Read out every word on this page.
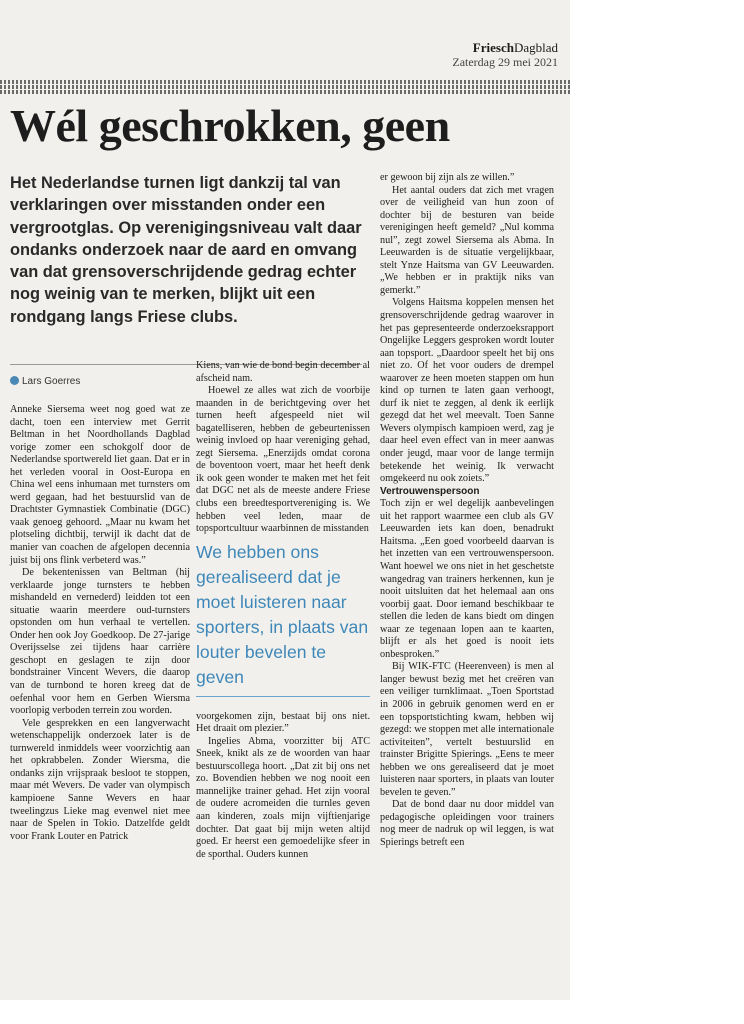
FrieschDagblad
Zaterdag 29 mei 2021
Wél geschrokken, geen

Het Nederlandse turnen ligt dankzij tal van verklaringen over misstanden onder een vergrootglas. Op verenigingsniveau valt daar ondanks onderzoek naar de aard en omvang van dat grensoverschrijdende gedrag echter nog weinig van te merken, blijkt uit een rondgang langs Friese clubs.

Lars Goerres

Anneke Siersema weet nog goed wat ze dacht, toen een interview met Gerrit Beltman in het Noordhollands Dagblad vorige zomer een schokgolf door de Nederlandse sportwereld liet gaan. Dat er in het verleden vooral in Oost-Europa en China wel eens inhumaan met turnsters om werd gegaan, had het bestuurslid van de Drachtster Gymnastiek Combinatie (DGC) vaak genoeg gehoord. „Maar nu kwam het plotseling dichtbij, terwijl ik dacht dat de manier van coachen de afgelopen decennia juist bij ons flink verbeterd was.”

De bekentenissen van Beltman (hij verklaarde jonge turnsters te hebben mishandeld en vernederd) leidden tot een situatie waarin meerdere oud-turnsters opstonden om hun verhaal te vertellen. Onder hen ook Joy Goedkoop. De 27-jarige Overijsselse zei tijdens haar carrière geschopt en geslagen te zijn door bondstrainer Vincent Wevers, die daarop van de turnbond te horen kreeg dat de oefenhal voor hem en Gerben Wiersma voorlopig verboden terrein zou worden.

Vele gesprekken en een langverwacht wetenschappelijk onderzoek later is de turnwereld inmiddels weer voorzichtig aan het opkrabbelen. Zonder Wiersma, die ondanks zijn vrijspraak besloot te stoppen, maar mét Wevers. De vader van olympisch kampioene Sanne Wevers en haar tweelingzus Lieke mag evenwel niet mee naar de Spelen in Tokio. Datzelfde geldt voor Frank Louter en Patrick

Kiens, van wie de bond begin december al afscheid nam.

Hoewel ze alles wat zich de voorbije maanden in de berichtgeving over het turnen heeft afgespeeld niet wil bagatelliseren, hebben de gebeurtenissen weinig invloed op haar vereniging gehad, zegt Siersema. „Enerzijds omdat corona de boventoon voert, maar het heeft denk ik ook geen wonder te maken met het feit dat DGC net als de meeste andere Friese clubs een breedtesportvereniging is. We hebben veel leden, maar de topsportcultuur waarbinnen de misstanden

We hebben ons gerealiseerd dat je moet luisteren naar sporters, in plaats van louter bevelen te geven

voorgekomen zijn, bestaat bij ons niet. Het draait om plezier.”

Ingelies Abma, voorzitter bij ATC Sneek, knikt als ze de woorden van haar bestuurscollega hoort. „Dat zit bij ons net zo. Bovendien hebben we nog nooit een mannelijke trainer gehad. Het zijn vooral de oudere acromeiden die turnles geven aan kinderen, zoals mijn vijftienjarige dochter. Dat gaat bij mijn weten altijd goed. Er heerst een gemoedelijke sfeer in de sporthal. Ouders kunnen

er gewoon bij zijn als ze willen.”

Het aantal ouders dat zich met vragen over de veiligheid van hun zoon of dochter bij de besturen van beide verenigingen heeft gemeld? „Nul komma nul”, zegt zowel Siersema als Abma. In Leeuwarden is de situatie vergelijkbaar, stelt Ynze Haitsma van GV Leeuwarden. „We hebben er in praktijk niks van gemerkt.”

Volgens Haitsma koppelen mensen het grensoverschrijdende gedrag waarover in het pas gepresenteerde onderzoeksrapport Ongelijke Leggers gesproken wordt louter aan topsport. „Daardoor speelt het bij ons niet zo. Of het voor ouders de drempel waarover ze heen moeten stappen om hun kind op turnen te laten gaan verhoogt, durf ik niet te zeggen, al denk ik eerlijk gezegd dat het wel meevalt. Toen Sanne Wevers olympisch kampioen werd, zag je daar heel even effect van in meer aanwas onder jeugd, maar voor de lange termijn betekende het weinig. Ik verwacht omgekeerd nu ook zoiets.”

Vertrouwenspersoon

Toch zijn er wel degelijk aanbevelingen uit het rapport waarmee een club als GV Leeuwarden iets kan doen, benadrukt Haitsma. „Een goed voorbeeld daarvan is het inzetten van een vertrouwenspersoon. Want hoewel we ons niet in het geschetste wangedrag van trainers herkennen, kun je nooit uitsluiten dat het helemaal aan ons voorbij gaat. Door iemand beschikbaar te stellen die leden de kans biedt om dingen waar ze tegenaan lopen aan te kaarten, blijft er als het goed is nooit iets onbesproken.”

Bij WIK-FTC (Heerenveen) is men al langer bewust bezig met het creëren van een veiliger turnklimaat. „Toen Sportstad in 2006 in gebruik genomen werd en er een topsportstichting kwam, hebben wij gezegd: we stoppen met alle internationale activiteiten”, vertelt bestuurslid en trainster Brigitte Spierings. „Eens te meer hebben we ons gerealiseerd dat je moet luisteren naar sporters, in plaats van louter bevelen te geven.”

Dat de bond daar nu door middel van pedagogische opleidingen voor trainers nog meer de nadruk op wil leggen, is wat Spierings betreft een
